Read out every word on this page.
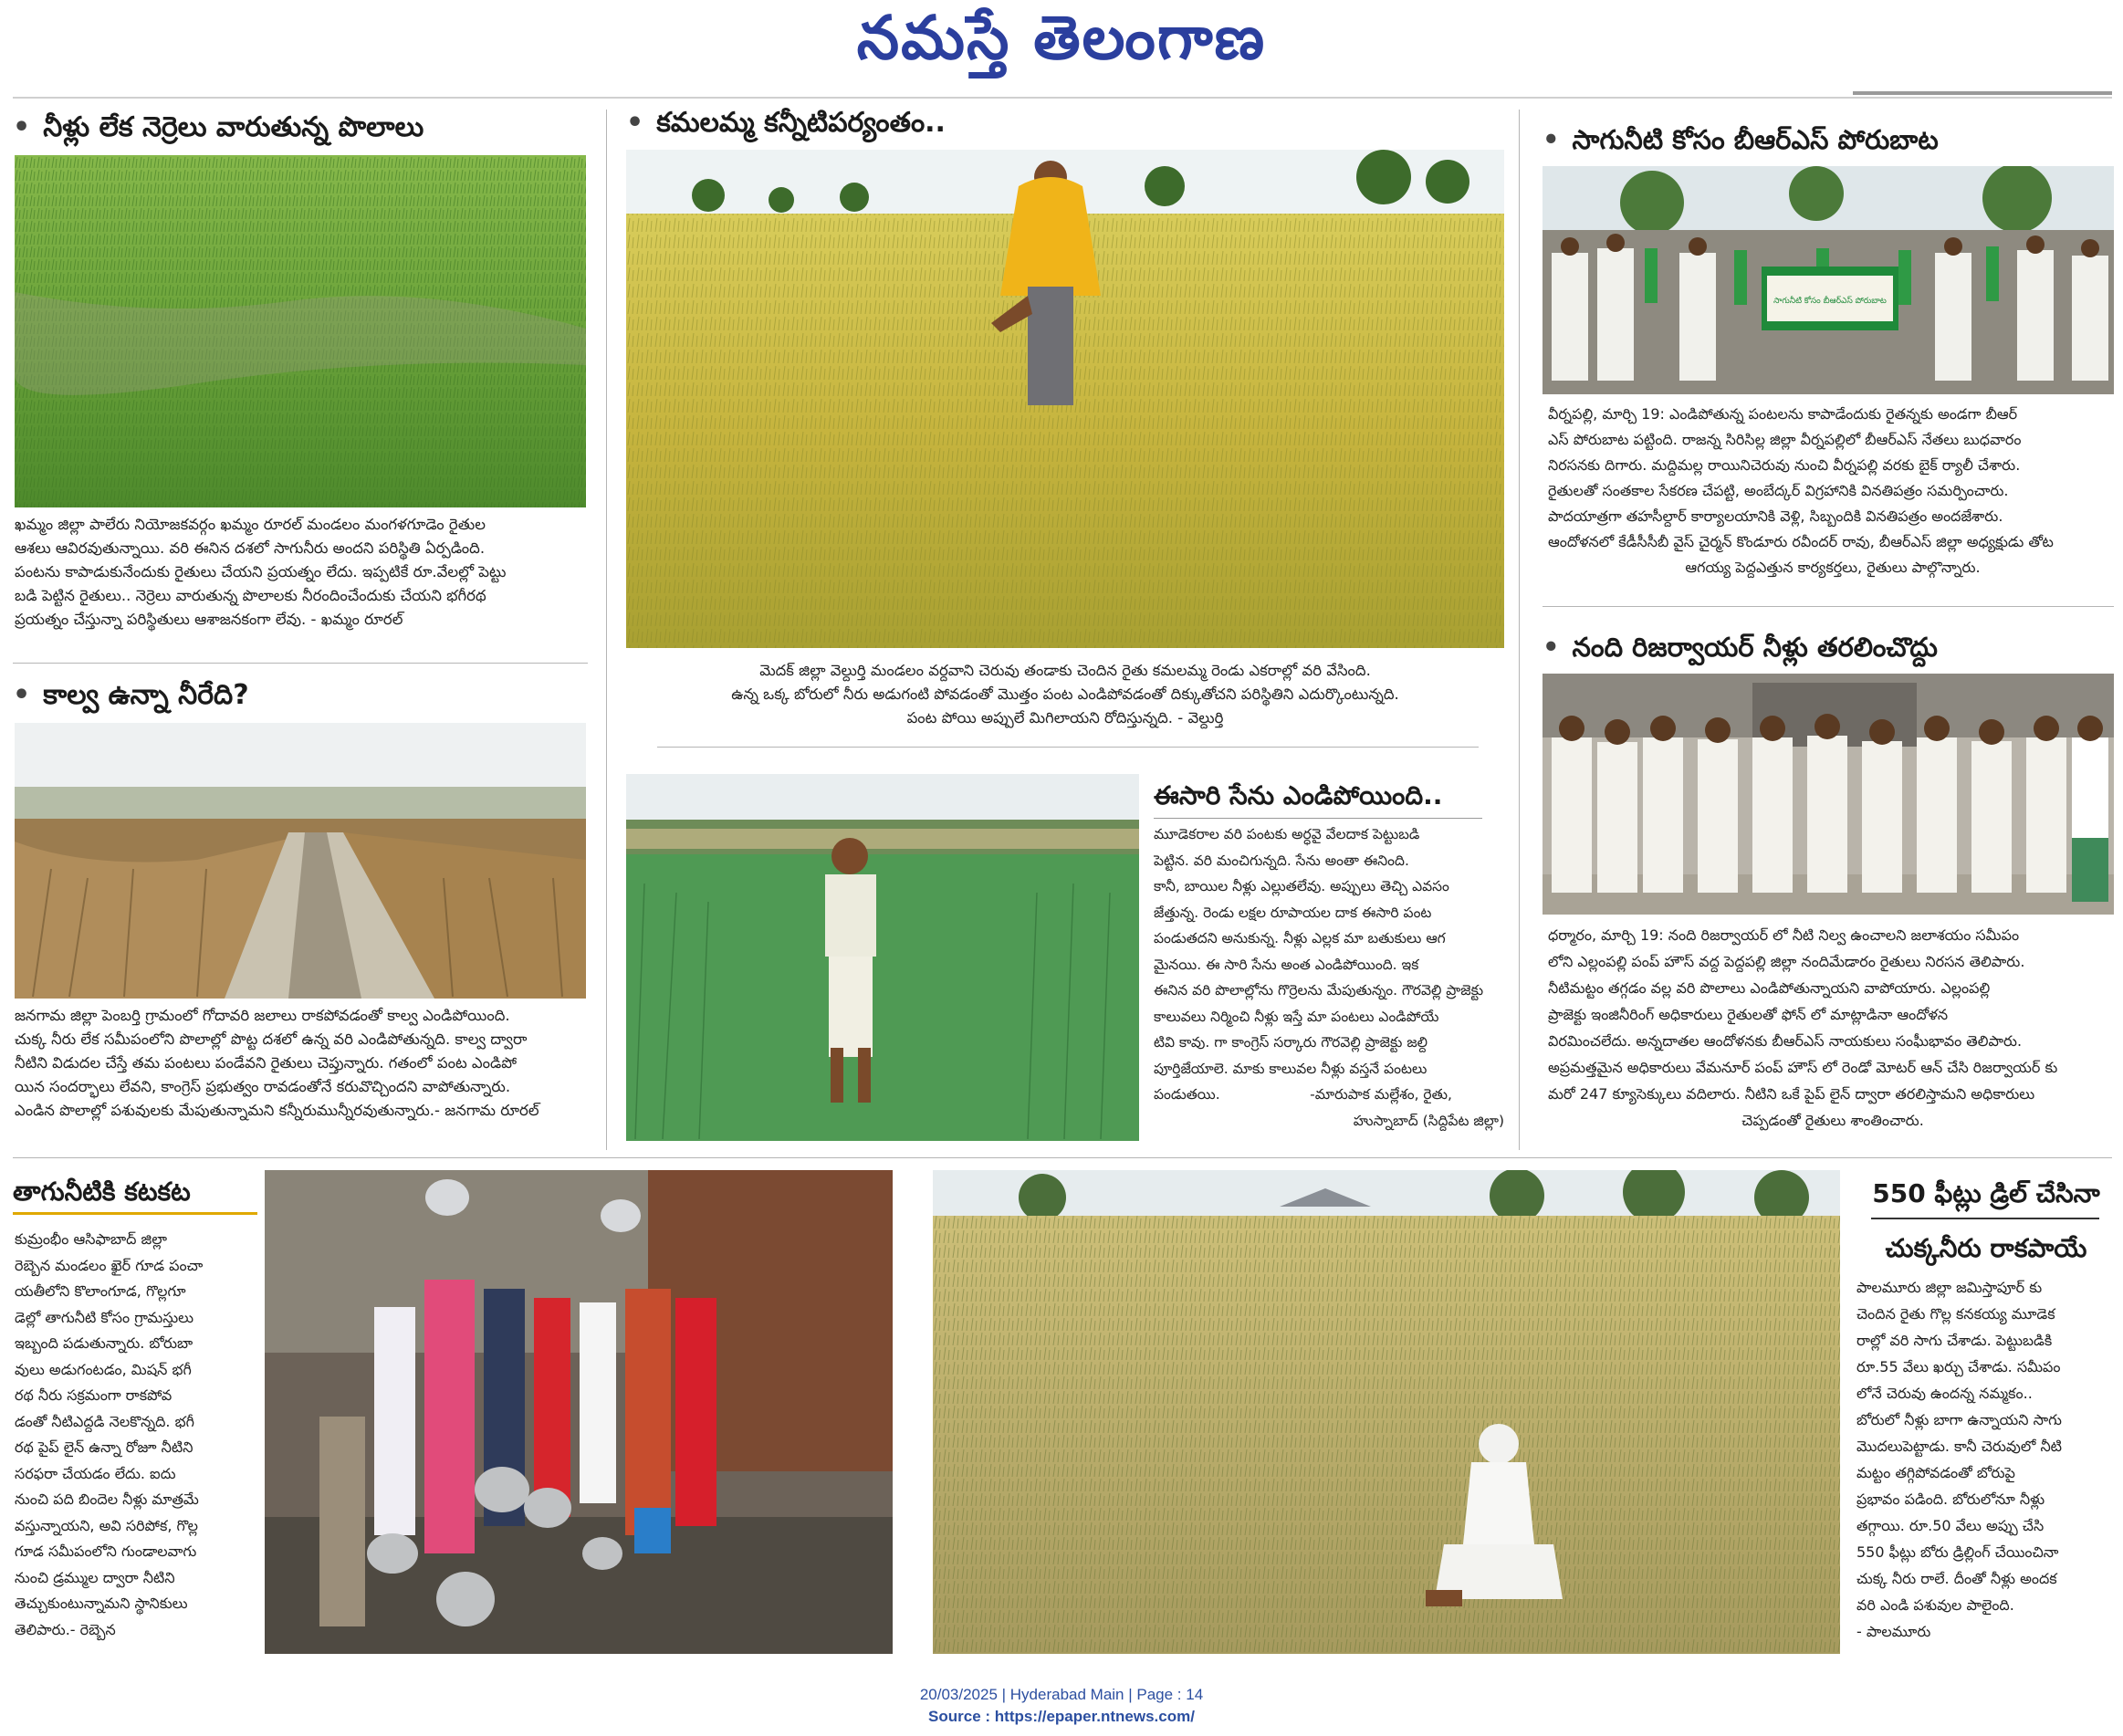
నమస్తే తెలంగాణ
• నీళ్లు లేక నెర్రెలు వారుతున్న పొలాలు

ఖమ్మం జిల్లా పాలేరు నియోజకవర్గం ఖమ్మం రూరల్ మండలం మంగళగూడెం రైతుల

ఆశలు ఆవిరవుతున్నాయి. వరి ఈనిన దశలో సాగునీరు అందని పరిస్థితి ఏర్పడింది.

పంటను కాపాడుకునేందుకు రైతులు చేయని ప్రయత్నం లేదు. ఇప్పటికే రూ.వేలల్లో పెట్టు

బడి పెట్టిన రైతులు.. నెర్రెలు వారుతున్న పొలాలకు నీరందించేందుకు చేయని భగీరథ

ప్రయత్నం చేస్తున్నా పరిస్థితులు ఆశాజనకంగా లేవు. - ఖమ్మం రూరల్

• కాల్వ ఉన్నా నీరేది?

జనగామ జిల్లా పెంబర్తి గ్రామంలో గోదావరి జలాలు రాకపోవడంతో కాల్వ ఎండిపోయింది.

చుక్క నీరు లేక సమీపంలోని పొలాల్లో పొట్ట దశలో ఉన్న వరి ఎండిపోతున్నది. కాల్వ ద్వారా

నీటిని విడుదల చేస్తే తమ పంటలు పండేవని రైతులు చెప్తున్నారు. గతంలో పంట ఎండిపో

యిన సందర్భాలు లేవని, కాంగ్రెస్ ప్రభుత్వం రావడంతోనే కరువొచ్చిందని వాపోతున్నారు.

ఎండిన పొలాల్లో పశువులకు మేపుతున్నామని కన్నీరుమున్నీరవుతున్నారు.- జనగామ రూరల్

• కమలమ్మ కన్నీటిపర్యంతం..

మెదక్ జిల్లా వెల్దుర్తి మండలం వర్దవాని చెరువు తండాకు చెందిన రైతు కమలమ్మ రెండు ఎకరాల్లో వరి వేసింది.

ఉన్న ఒక్క బోరులో నీరు అడుగంటి పోవడంతో మొత్తం పంట ఎండిపోవడంతో దిక్కుతోచని పరిస్థితిని ఎదుర్కొంటున్నది.

పంట పోయి అప్పులే మిగిలాయని రోదిస్తున్నది. - వెల్దుర్తి

ఈసారి సేను ఎండిపోయింది..

మూడెకరాల వరి పంటకు అర్ధవై వేలదాక పెట్టుబడి

పెట్టిన. వరి మంచిగున్నది. సేను అంతా ఈనింది.

కానీ, బాయిల నీళ్లు ఎల్లుతలేవు. అప్పులు తెచ్చి ఎవసం

జేత్తున్న. రెండు లక్షల రూపాయల దాక ఈసారి పంట

పండుతదని అనుకున్న. నీళ్లు ఎల్లక మా బతుకులు ఆగ

మైనయి. ఈ సారి సేను అంత ఎండిపోయింది. ఇక

ఈనిన వరి పొలాల్లోను గొర్రెలను మేపుతున్నం. గౌరవెల్లి ప్రాజెక్టు

కాలువలు నిర్మించి నీళ్లు ఇస్తే మా పంటలు ఎండిపోయే

టివి కావు. గా కాంగ్రెస్ సర్కారు గౌరవెల్లి ప్రాజెక్టు జల్ది

పూర్తిజేయాలె. మాకు కాలువల నీళ్లు వస్తనే పంటలు

పండుతయి.                    -మారుపాక మల్లేశం, రైతు,

హుస్నాబాద్ (సిద్దిపేట జిల్లా)

• సాగునీటి కోసం బీఆర్ఎస్ పోరుబాట
సాగునీటి కోసం బీఆర్ఎస్ పోరుబాట

వీర్నపల్లి, మార్చి 19: ఎండిపోతున్న పంటలను కాపాడేందుకు రైతన్నకు అండగా బీఆర్

ఎస్ పోరుబాట పట్టింది. రాజన్న సిరిసిల్ల జిల్లా వీర్నపల్లిలో బీఆర్ఎస్ నేతలు బుధవారం

నిరసనకు దిగారు. మద్దిమల్ల రాయినిచెరువు నుంచి వీర్నపల్లి వరకు బైక్ ర్యాలీ చేశారు.

రైతులతో సంతకాల సేకరణ చేపట్టి, అంబేద్కర్ విగ్రహానికి వినతిపత్రం సమర్పించారు.

పాదయాత్రగా తహసీల్దార్ కార్యాలయానికి వెళ్లి, సిబ్బందికి వినతిపత్రం అందజేశారు.

ఆందోళనలో కేడీసీసీబీ వైస్ చైర్మన్ కొండూరు రవీందర్ రావు, బీఆర్ఎస్ జిల్లా అధ్యక్షుడు తోట

ఆగయ్య పెద్దఎత్తున కార్యకర్తలు, రైతులు పాల్గొన్నారు.

• నంది రిజర్వాయర్ నీళ్లు తరలించొద్దు

ధర్మారం, మార్చి 19: నంది రిజర్వాయర్ లో నీటి నిల్వ ఉంచాలని జలాశయం సమీపం

లోని ఎల్లంపల్లి పంప్ హౌస్ వద్ద పెద్దపల్లి జిల్లా నందిమేడారం రైతులు నిరసన తెలిపారు.

నీటిమట్టం తగ్గడం వల్ల వరి పొలాలు ఎండిపోతున్నాయని వాపోయారు. ఎల్లంపల్లి

ప్రాజెక్టు ఇంజినీరింగ్ అధికారులు రైతులతో ఫోన్ లో మాట్లాడినా ఆందోళన

విరమించలేదు. అన్నదాతల ఆందోళనకు బీఆర్ఎస్ నాయకులు సంఘీభావం తెలిపారు.

అప్రమత్తమైన అధికారులు వేమనూర్ పంప్ హౌస్ లో రెండో మోటర్ ఆన్ చేసి రిజర్వాయర్ కు

మరో 247 క్యూసెక్కులు వదిలారు. నీటిని ఒకే పైప్ లైన్ ద్వారా తరలిస్తామని అధికారులు

చెప్పడంతో రైతులు శాంతించారు.

తాగునీటికి కటకట

కుమ్రంభీం ఆసిఫాబాద్ జిల్లా

రెబ్బెన మండలం ఖైర్ గూడ పంచా

యతీలోని కొలాంగూడ, గొల్లగూ

డెల్లో తాగునీటి కోసం గ్రామస్తులు

ఇబ్బంది పడుతున్నారు. బోరుబా

వులు అడుగంటడం, మిషన్ భగీ

రథ నీరు సక్రమంగా రాకపోవ

డంతో నీటిఎద్దడి నెలకొన్నది. భగీ

రథ పైప్ లైన్ ఉన్నా రోజూ నీటిని

సరఫరా చేయడం లేదు. ఐదు

నుంచి పది బిందెల నీళ్లు మాత్రమే

వస్తున్నాయని, అవి సరిపోక, గొల్ల

గూడ సమీపంలోని గుండాలవాగు

నుంచి డ్రమ్ముల ద్వారా నీటిని

తెచ్చుకుంటున్నామని స్థానికులు

తెలిపారు.- రెబ్బెన

550 ఫీట్లు డ్రిల్ చేసినా
చుక్కనీరు రాకపాయే

పాలమూరు జిల్లా జమిస్తాపూర్ కు

చెందిన రైతు గొల్ల కనకయ్య మూడెక

రాల్లో వరి సాగు చేశాడు. పెట్టుబడికి

రూ.55 వేలు ఖర్చు చేశాడు. సమీపం

లోనే చెరువు ఉందన్న నమ్మకం..

బోరులో నీళ్లు బాగా ఉన్నాయని సాగు

మొదలుపెట్టాడు. కానీ చెరువులో నీటి

మట్టం తగ్గిపోవడంతో బోరుపై

ప్రభావం పడింది. బోరులోనూ నీళ్లు

తగ్గాయి. రూ.50 వేలు అప్పు చేసి

550 ఫీట్లు బోరు డ్రిల్లింగ్ చేయించినా

చుక్క నీరు రాలే. దీంతో నీళ్లు అందక

వరి ఎండి పశువుల పాలైంది.

- పాలమూరు

20/03/2025 | Hyderabad Main | Page : 14
Source : https://epaper.ntnews.com/
